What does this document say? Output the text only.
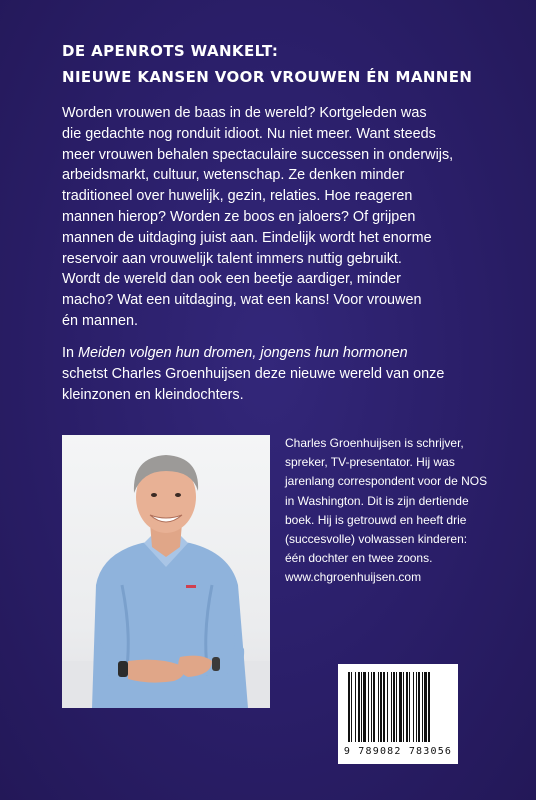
DE APENROTS WANKELT:
NIEUWE KANSEN VOOR VROUWEN ÉN MANNEN
Worden vrouwen de baas in de wereld? Kortgeleden was
die gedachte nog ronduit idioot. Nu niet meer. Want steeds
meer vrouwen behalen spectaculaire successen in onderwijs,
arbeidsmarkt, cultuur, wetenschap. Ze denken minder
traditioneel over huwelijk, gezin, relaties. Hoe reageren
mannen hierop? Worden ze boos en jaloers? Of grijpen
mannen de uitdaging juist aan. Eindelijk wordt het enorme
reservoir aan vrouwelijk talent immers nuttig gebruikt.
Wordt de wereld dan ook een beetje aardiger, minder
macho? Wat een uitdaging, wat een kans! Voor vrouwen
én mannen.
In Meiden volgen hun dromen, jongens hun hormonen
schetst Charles Groenhuijsen deze nieuwe wereld van onze
kleinzonen en kleindochters.
Charles Groenhuijsen is schrijver,
spreker, TV-presentator. Hij was
jarenlang correspondent voor de NOS
in Washington. Dit is zijn dertiende
boek. Hij is getrouwd en heeft drie
(succesvolle) volwassen kinderen:
één dochter en twee zoons.
www.chgroenhuijsen.com
9 789082 783056
